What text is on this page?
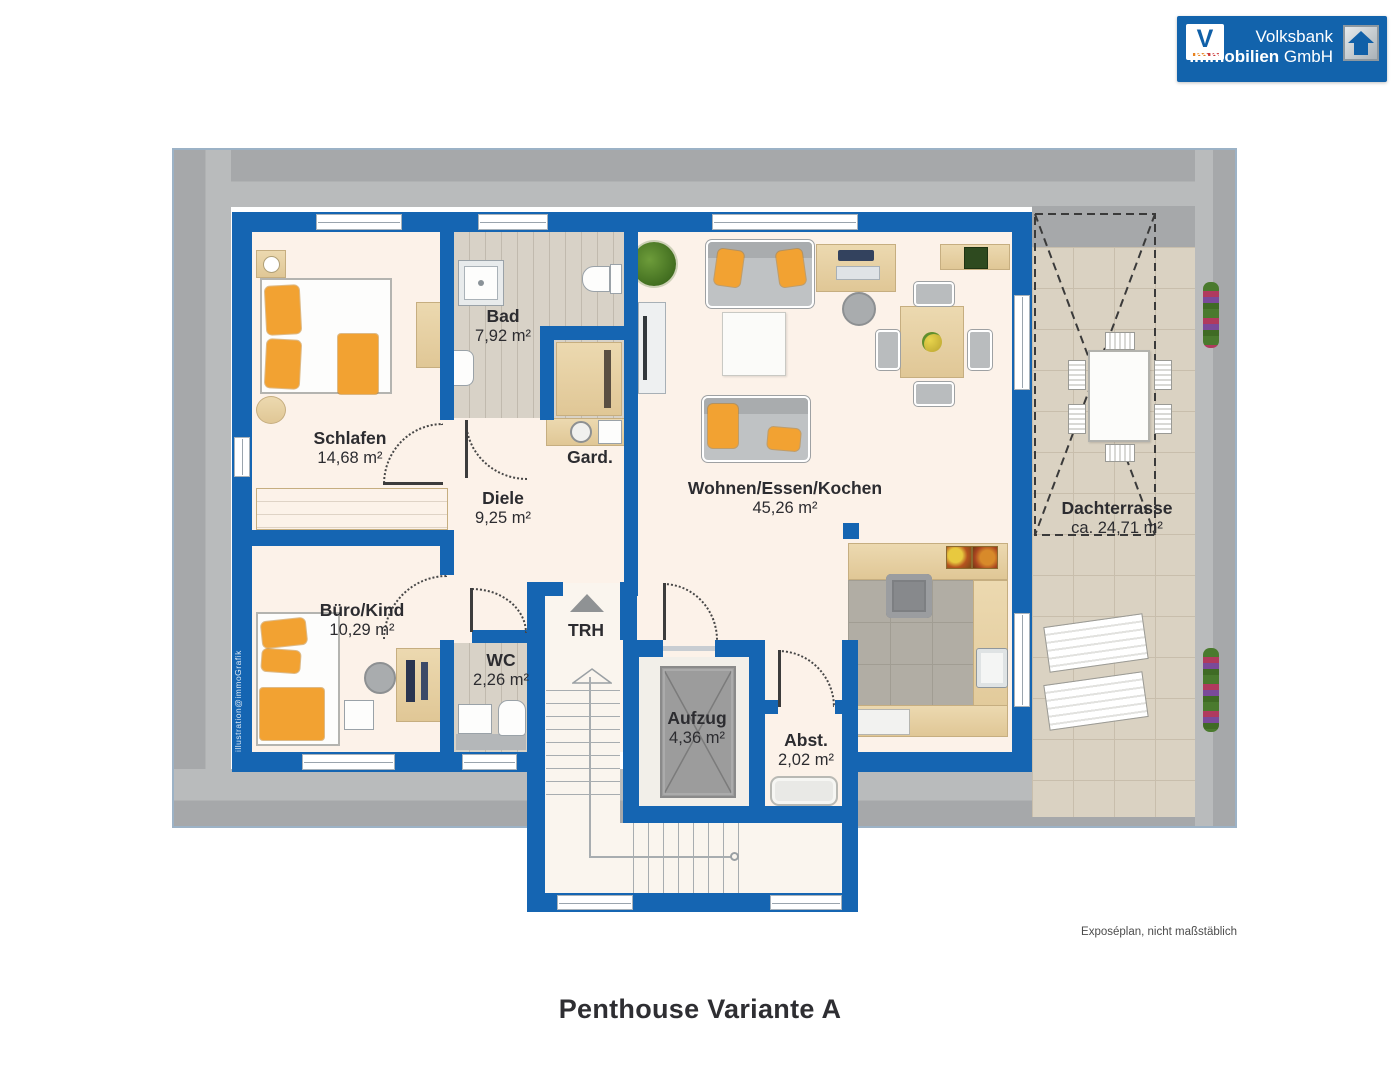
Schlafen
14,68 m²
Bad
7,92 m²
Gard.
Diele
9,25 m²
Wohnen/Essen/Kochen
45,26 m²
Büro/Kind
10,29 m²
WC
2,26 m²
TRH
Aufzug
4,36 m²	Abst.
2,02 m²
Dachterrasse
ca. 24,71 m²
illustration@immoGrafik
V	Volksbank
Immobilien GmbH
Exposéplan, nicht maßstäblich
Penthouse Variante A
